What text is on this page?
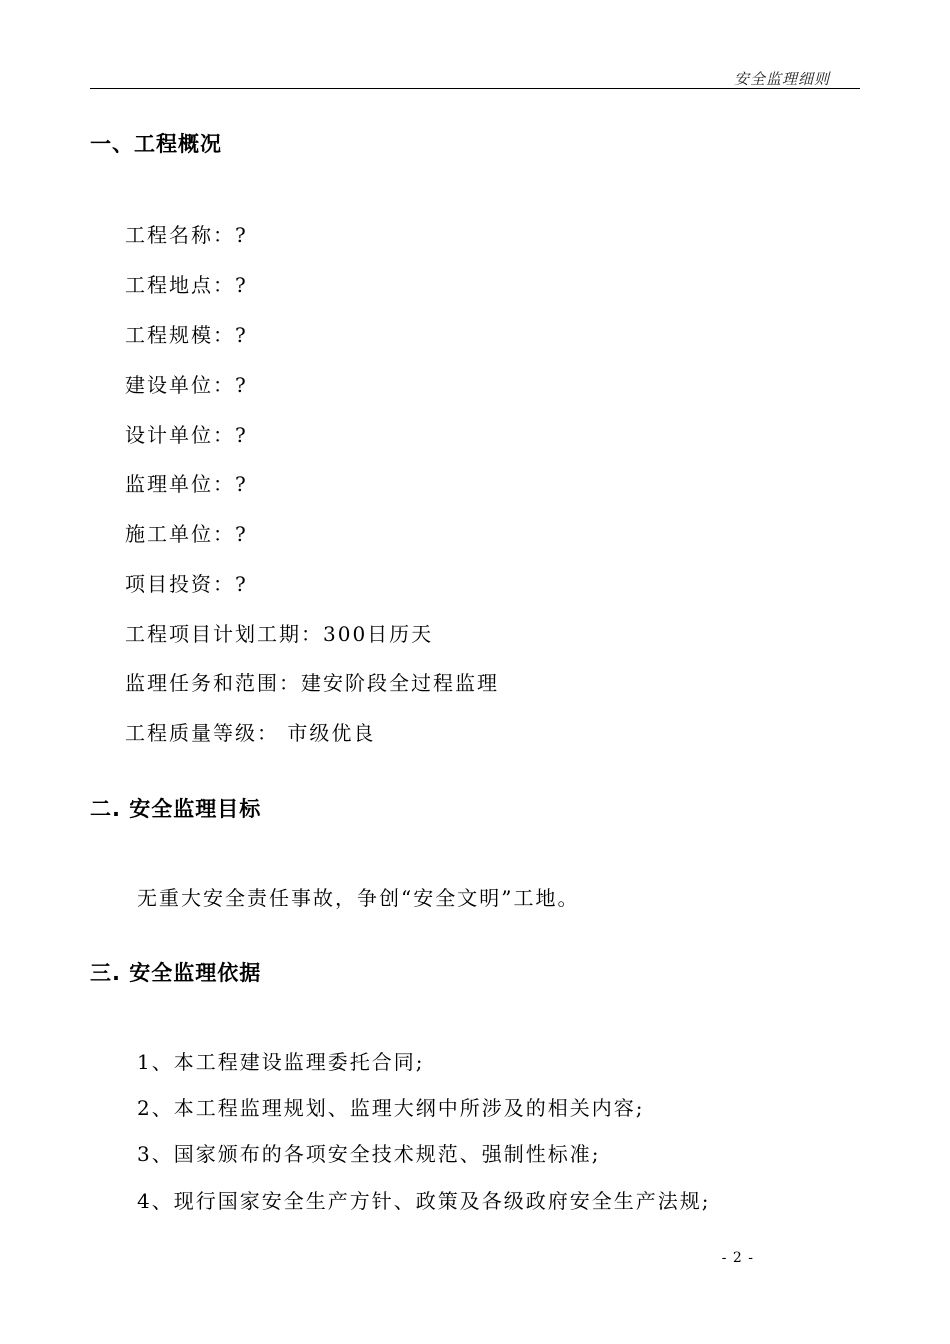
安全监理细则
一、工程概况
工程名称：?
工程地点：?
工程规模：?
建设单位：?
设计单位：?
监理单位：?
施工单位：?
项目投资：?
工程项目计划工期：300日历天
监理任务和范围：建安阶段全过程监理
工程质量等级： 市级优良
二. 安全监理目标
无重大安全责任事故，争创“安全文明”工地。
三. 安全监理依据
1、本工程建设监理委托合同;
2、本工程监理规划、监理大纲中所涉及的相关内容;
3、国家颁布的各项安全技术规范、强制性标准;
4、现行国家安全生产方针、政策及各级政府安全生产法规;
- 2 -
